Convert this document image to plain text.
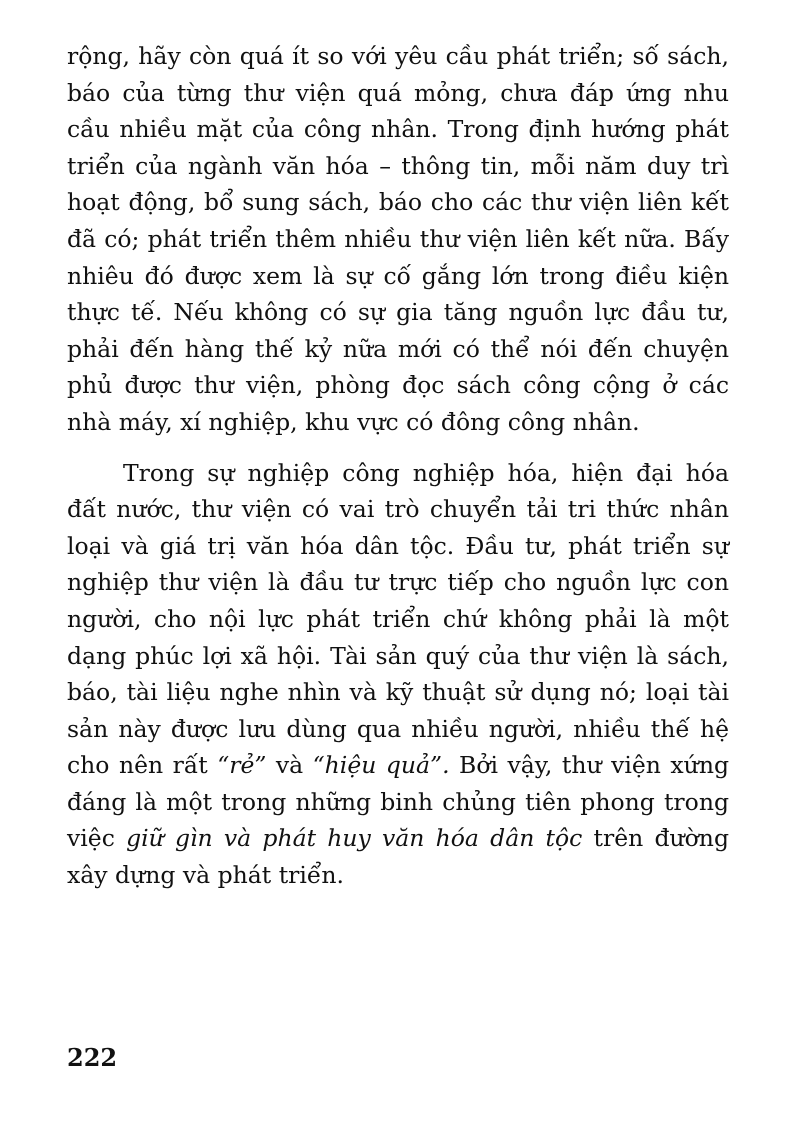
rộng, hãy còn quá ít so với yêu cầu phát triển; số sách, báo của từng thư viện quá mỏng, chưa đáp ứng nhu cầu nhiều mặt của công nhân. Trong định hướng phát triển của ngành văn hóa – thông tin, mỗi năm duy trì hoạt động, bổ sung sách, báo cho các thư viện liên kết đã có; phát triển thêm nhiều thư viện liên kết nữa. Bấy nhiêu đó được xem là sự cố gắng lớn trong điều kiện thực tế. Nếu không có sự gia tăng nguồn lực đầu tư, phải đến hàng thế kỷ nữa mới có thể nói đến chuyện phủ được thư viện, phòng đọc sách công cộng ở các nhà máy, xí nghiệp, khu vực có đông công nhân.

Trong sự nghiệp công nghiệp hóa, hiện đại hóa đất nước, thư viện có vai trò chuyển tải tri thức nhân loại và giá trị văn hóa dân tộc. Đầu tư, phát triển sự nghiệp thư viện là đầu tư trực tiếp cho nguồn lực con người, cho nội lực phát triển chứ không phải là một dạng phúc lợi xã hội. Tài sản quý của thư viện là sách, báo, tài liệu nghe nhìn và kỹ thuật sử dụng nó; loại tài sản này được lưu dùng qua nhiều người, nhiều thế hệ cho nên rất “rẻ” và “hiệu quả”. Bởi vậy, thư viện xứng đáng là một trong những binh chủng tiên phong trong việc giữ gìn và phát huy văn hóa dân tộc trên đường xây dựng và phát triển.

222
